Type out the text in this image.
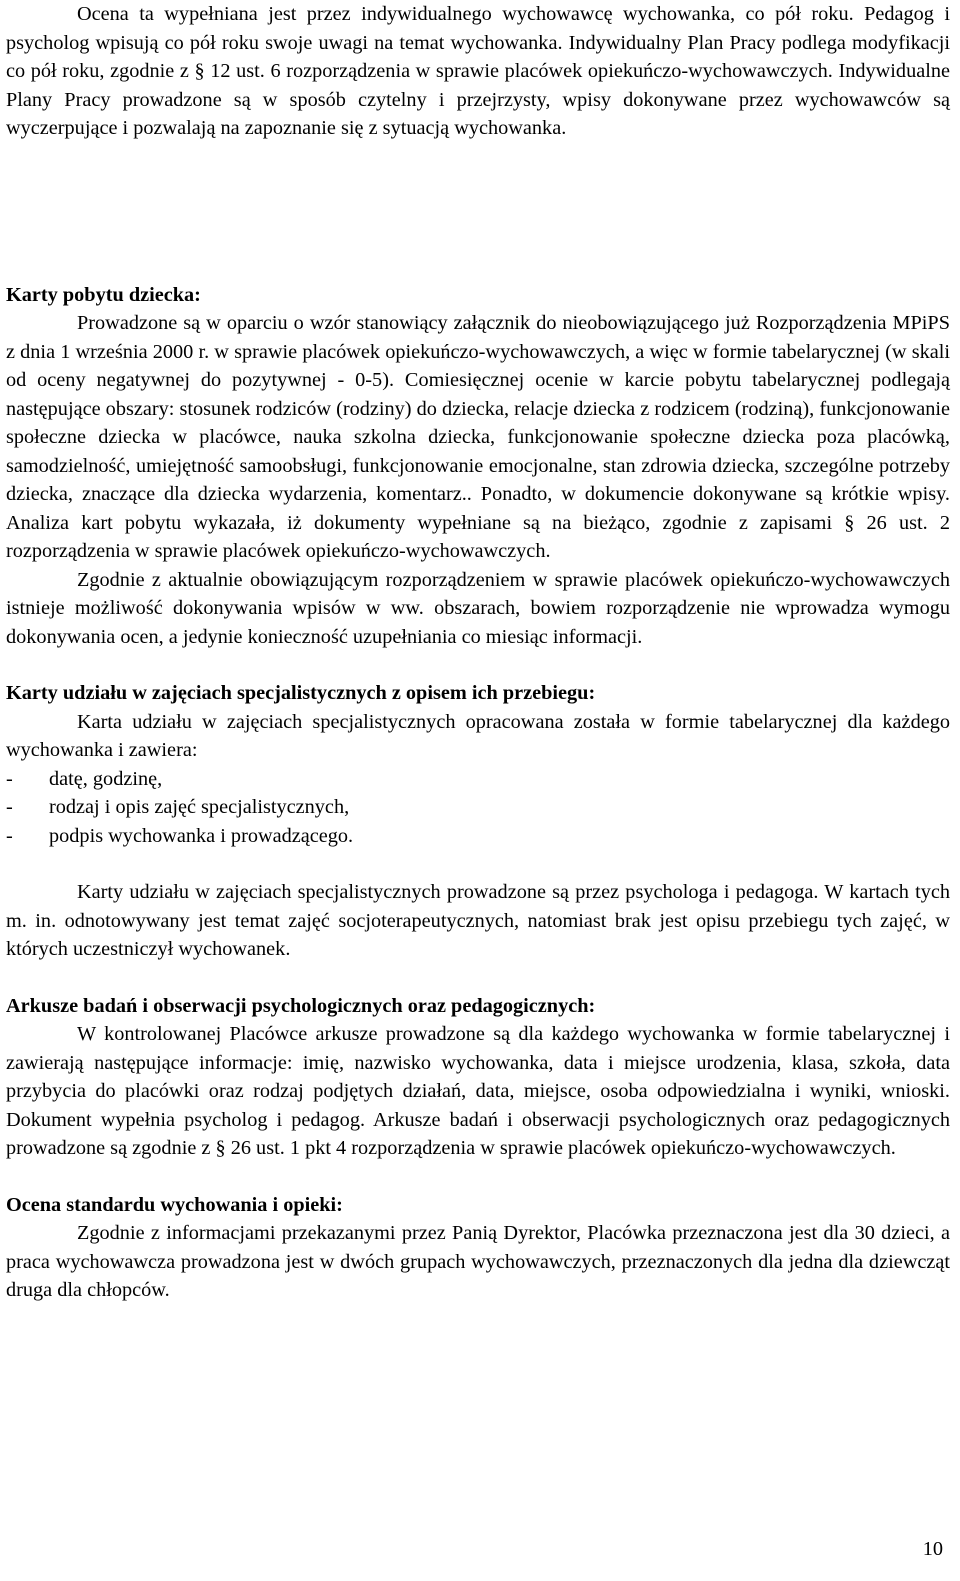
Ocena ta wypełniana jest przez indywidualnego wychowawcę wychowanka, co pół roku. Pedagog i psycholog wpisują co pół roku swoje uwagi na temat wychowanka. Indywidualny Plan Pracy podlega modyfikacji co pół roku, zgodnie z § 12 ust. 6 rozporządzenia w sprawie placówek opiekuńczo-wychowawczych. Indywidualne Plany Pracy prowadzone są w sposób czytelny i przejrzysty, wpisy dokonywane przez wychowawców są wyczerpujące i pozwalają na zapoznanie się z sytuacją wychowanka.

Karty pobytu dziecka:

Prowadzone są w oparciu o wzór stanowiący załącznik do nieobowiązującego już Rozporządzenia MPiPS z dnia 1 września 2000 r. w sprawie placówek opiekuńczo-wychowawczych, a więc w formie tabelarycznej (w skali od oceny negatywnej do pozytywnej - 0-5). Comiesięcznej ocenie w karcie pobytu tabelarycznej podlegają następujące obszary: stosunek rodziców (rodziny) do dziecka, relacje dziecka z rodzicem (rodziną), funkcjonowanie społeczne dziecka w placówce, nauka szkolna dziecka, funkcjonowanie społeczne dziecka poza placówką, samodzielność, umiejętność samoobsługi, funkcjonowanie emocjonalne, stan zdrowia dziecka, szczególne potrzeby dziecka, znaczące dla dziecka wydarzenia, komentarz.. Ponadto, w dokumencie dokonywane są krótkie wpisy. Analiza kart pobytu wykazała, iż dokumenty wypełniane są na bieżąco, zgodnie z zapisami § 26 ust. 2 rozporządzenia w sprawie placówek opiekuńczo-wychowawczych.

Zgodnie z aktualnie obowiązującym rozporządzeniem w sprawie placówek opiekuńczo-wychowawczych istnieje możliwość dokonywania wpisów w ww. obszarach, bowiem rozporządzenie nie wprowadza wymogu dokonywania ocen, a jedynie konieczność uzupełniania co miesiąc informacji.

Karty udziału w zajęciach specjalistycznych z opisem ich przebiegu:

Karta udziału w zajęciach specjalistycznych opracowana została w formie tabelarycznej dla każdego wychowanka i zawiera:

-	datę, godzinę,
-	rodzaj i opis zajęć specjalistycznych,
-	podpis wychowanka i prowadzącego.

Karty udziału w zajęciach specjalistycznych prowadzone są przez psychologa i pedagoga. W kartach tych m. in. odnotowywany jest temat zajęć socjoterapeutycznych, natomiast brak jest opisu przebiegu tych zajęć, w których uczestniczył wychowanek.

Arkusze badań i obserwacji psychologicznych oraz pedagogicznych:

W kontrolowanej Placówce arkusze prowadzone są dla każdego wychowanka w formie tabelarycznej i zawierają następujące informacje: imię, nazwisko wychowanka, data i miejsce urodzenia, klasa, szkoła, data przybycia do placówki oraz rodzaj podjętych działań, data, miejsce, osoba odpowiedzialna i wyniki, wnioski. Dokument wypełnia psycholog i pedagog. Arkusze badań i obserwacji psychologicznych oraz pedagogicznych prowadzone są zgodnie z § 26 ust. 1 pkt 4 rozporządzenia w sprawie placówek opiekuńczo-wychowawczych.

Ocena standardu wychowania i opieki:

Zgodnie z informacjami przekazanymi przez Panią Dyrektor, Placówka przeznaczona jest dla 30 dzieci, a praca wychowawcza prowadzona jest w dwóch grupach wychowawczych, przeznaczonych dla jedna dla dziewcząt druga dla chłopców.

10
